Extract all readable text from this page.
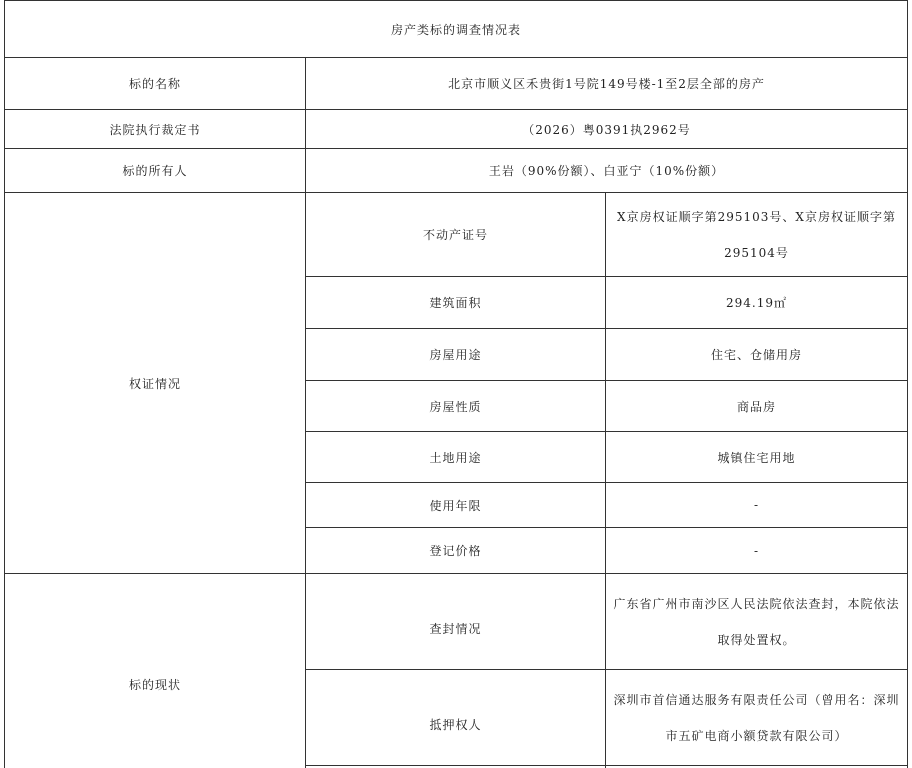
房产类标的调查情况表		
标的名称	北京市顺义区禾贵街1号院149号楼-1至2层全部的房产	
法院执行裁定书	（2026）粤0391执2962号	
标的所有人	王岩（90%份额）、白亚宁（10%份额）	
权证情况	不动产证号	X京房权证顺字第295103号、X京房权证顺字第295104号
	建筑面积	294.19㎡
	房屋用途	住宅、仓储用房
	房屋性质	商品房
	土地用途	城镇住宅用地
	使用年限	-
	登记价格	-
标的现状	查封情况	广东省广州市南沙区人民法院依法查封，本院依法取得处置权。
	抵押权人	深圳市首信通达服务有限责任公司（曾用名：深圳市五矿电商小额贷款有限公司）
